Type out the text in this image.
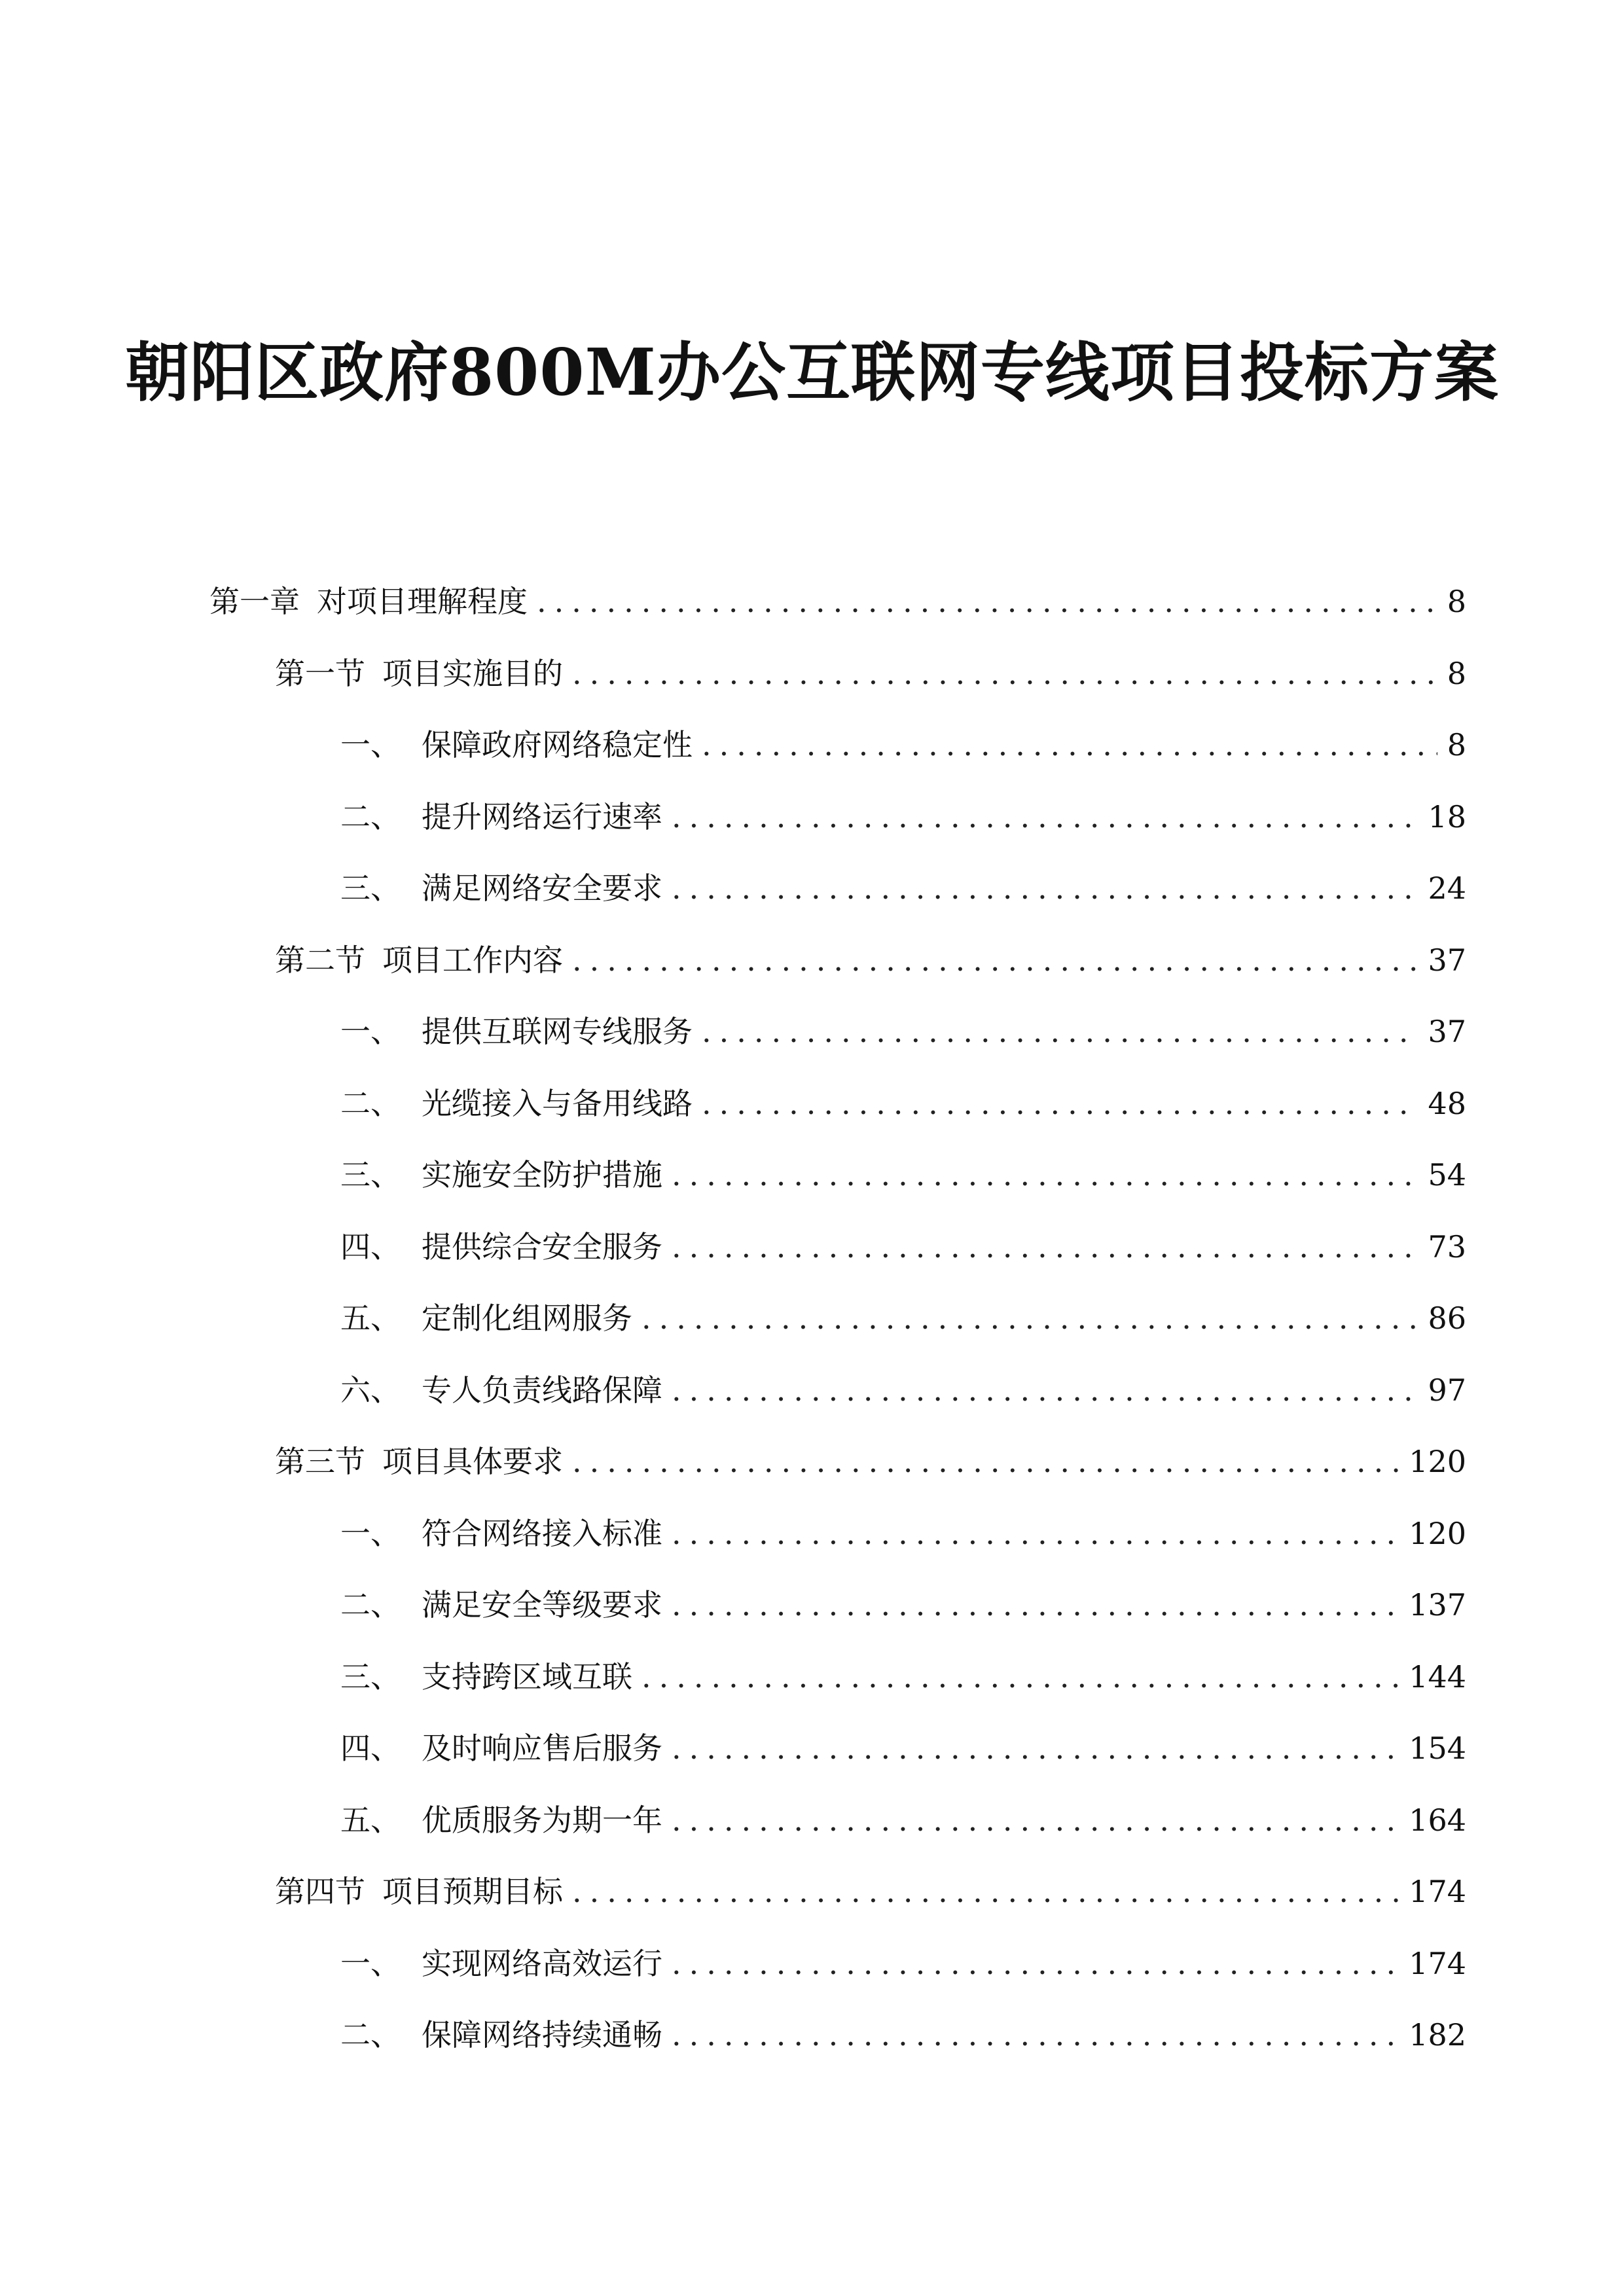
朝阳区政府800M办公互联网专线项目投标方案
第一章 对项目理解程度 .....	8
第一节 项目实施目的 .....	8
一、 保障政府网络稳定性 .....	8
二、 提升网络运行速率 .....	18
三、 满足网络安全要求 .....	24
第二节 项目工作内容 .....	37
一、 提供互联网专线服务 .....	37
二、 光缆接入与备用线路 .....	48
三、 实施安全防护措施 .....	54
四、 提供综合安全服务 .....	73
五、 定制化组网服务 .....	86
六、 专人负责线路保障 .....	97
第三节 项目具体要求 .....	120
一、 符合网络接入标准 .....	120
二、 满足安全等级要求 .....	137
三、 支持跨区域互联 .....	144
四、 及时响应售后服务 .....	154
五、 优质服务为期一年 .....	164
第四节 项目预期目标 .....	174
一、 实现网络高效运行 .....	174
二、 保障网络持续通畅 .....	182
